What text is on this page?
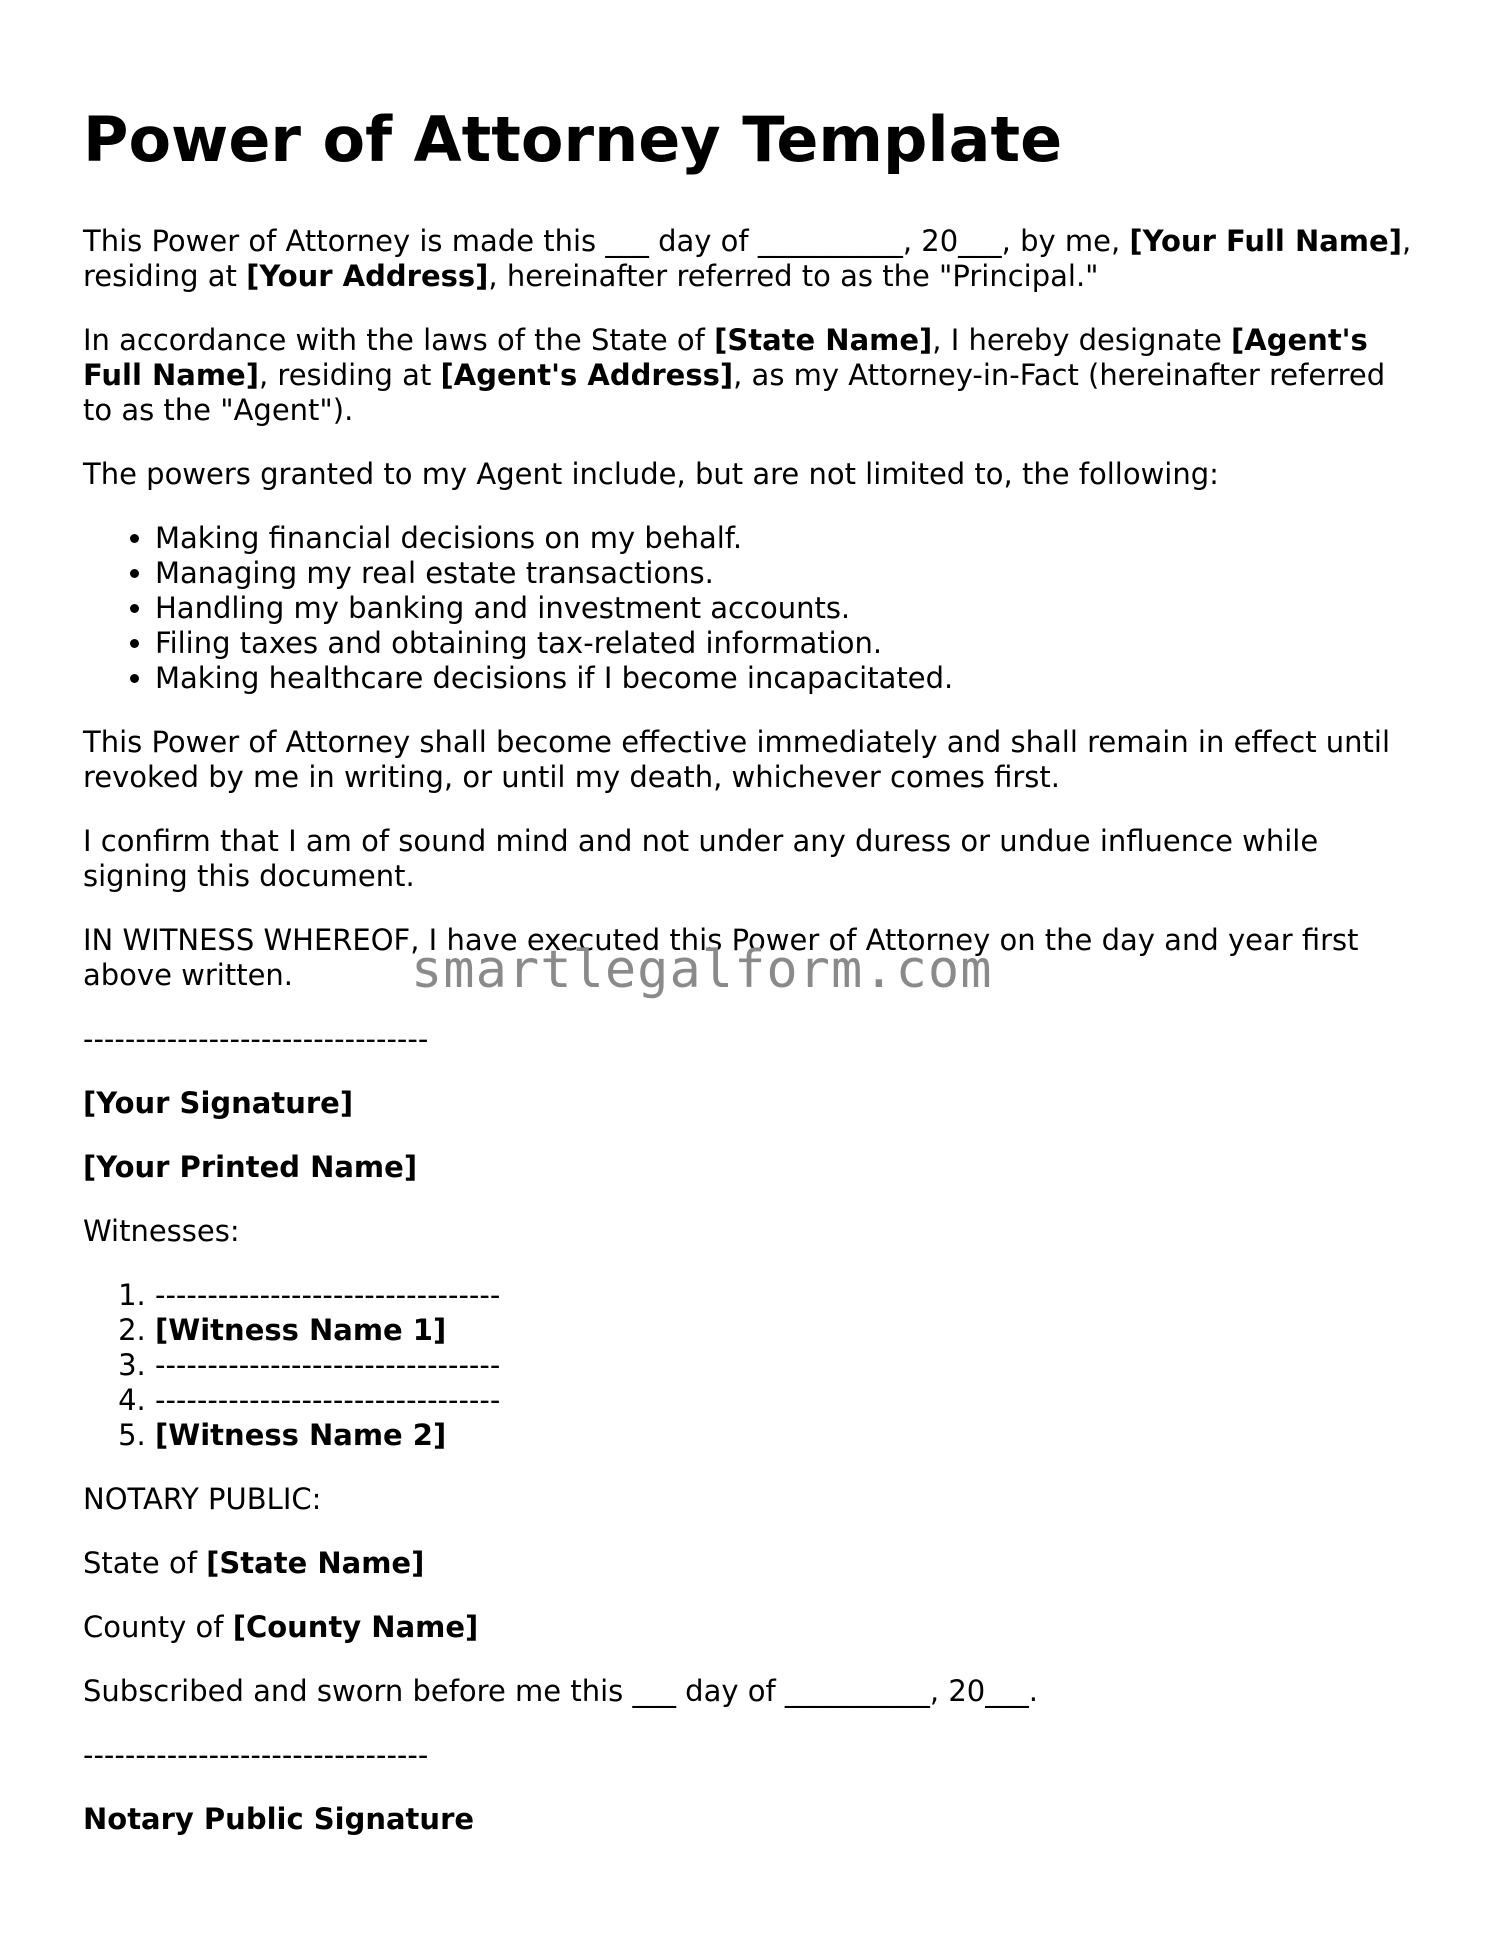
Power of Attorney Template

This Power of Attorney is made this ___ day of __________, 20___, by me, [Your Full Name], residing at [Your Address], hereinafter referred to as the "Principal."

In accordance with the laws of the State of [State Name], I hereby designate [Agent's Full Name], residing at [Agent's Address], as my Attorney-in-Fact (hereinafter referred to as the "Agent").

The powers granted to my Agent include, but are not limited to, the following:

• Making financial decisions on my behalf.
• Managing my real estate transactions.
• Handling my banking and investment accounts.
• Filing taxes and obtaining tax-related information.
• Making healthcare decisions if I become incapacitated.

This Power of Attorney shall become effective immediately and shall remain in effect until revoked by me in writing, or until my death, whichever comes first.

I confirm that I am of sound mind and not under any duress or undue influence while signing this document.

IN WITNESS WHEREOF, I have executed this Power of Attorney on the day and year first above written.

---------------------------------

[Your Signature]

[Your Printed Name]

Witnesses:

1. ---------------------------------
2. [Witness Name 1]
3. ---------------------------------
4. ---------------------------------
5. [Witness Name 2]

NOTARY PUBLIC:

State of [State Name]

County of [County Name]

Subscribed and sworn before me this ___ day of __________, 20___.

---------------------------------

Notary Public Signature

smartlegalform.com
